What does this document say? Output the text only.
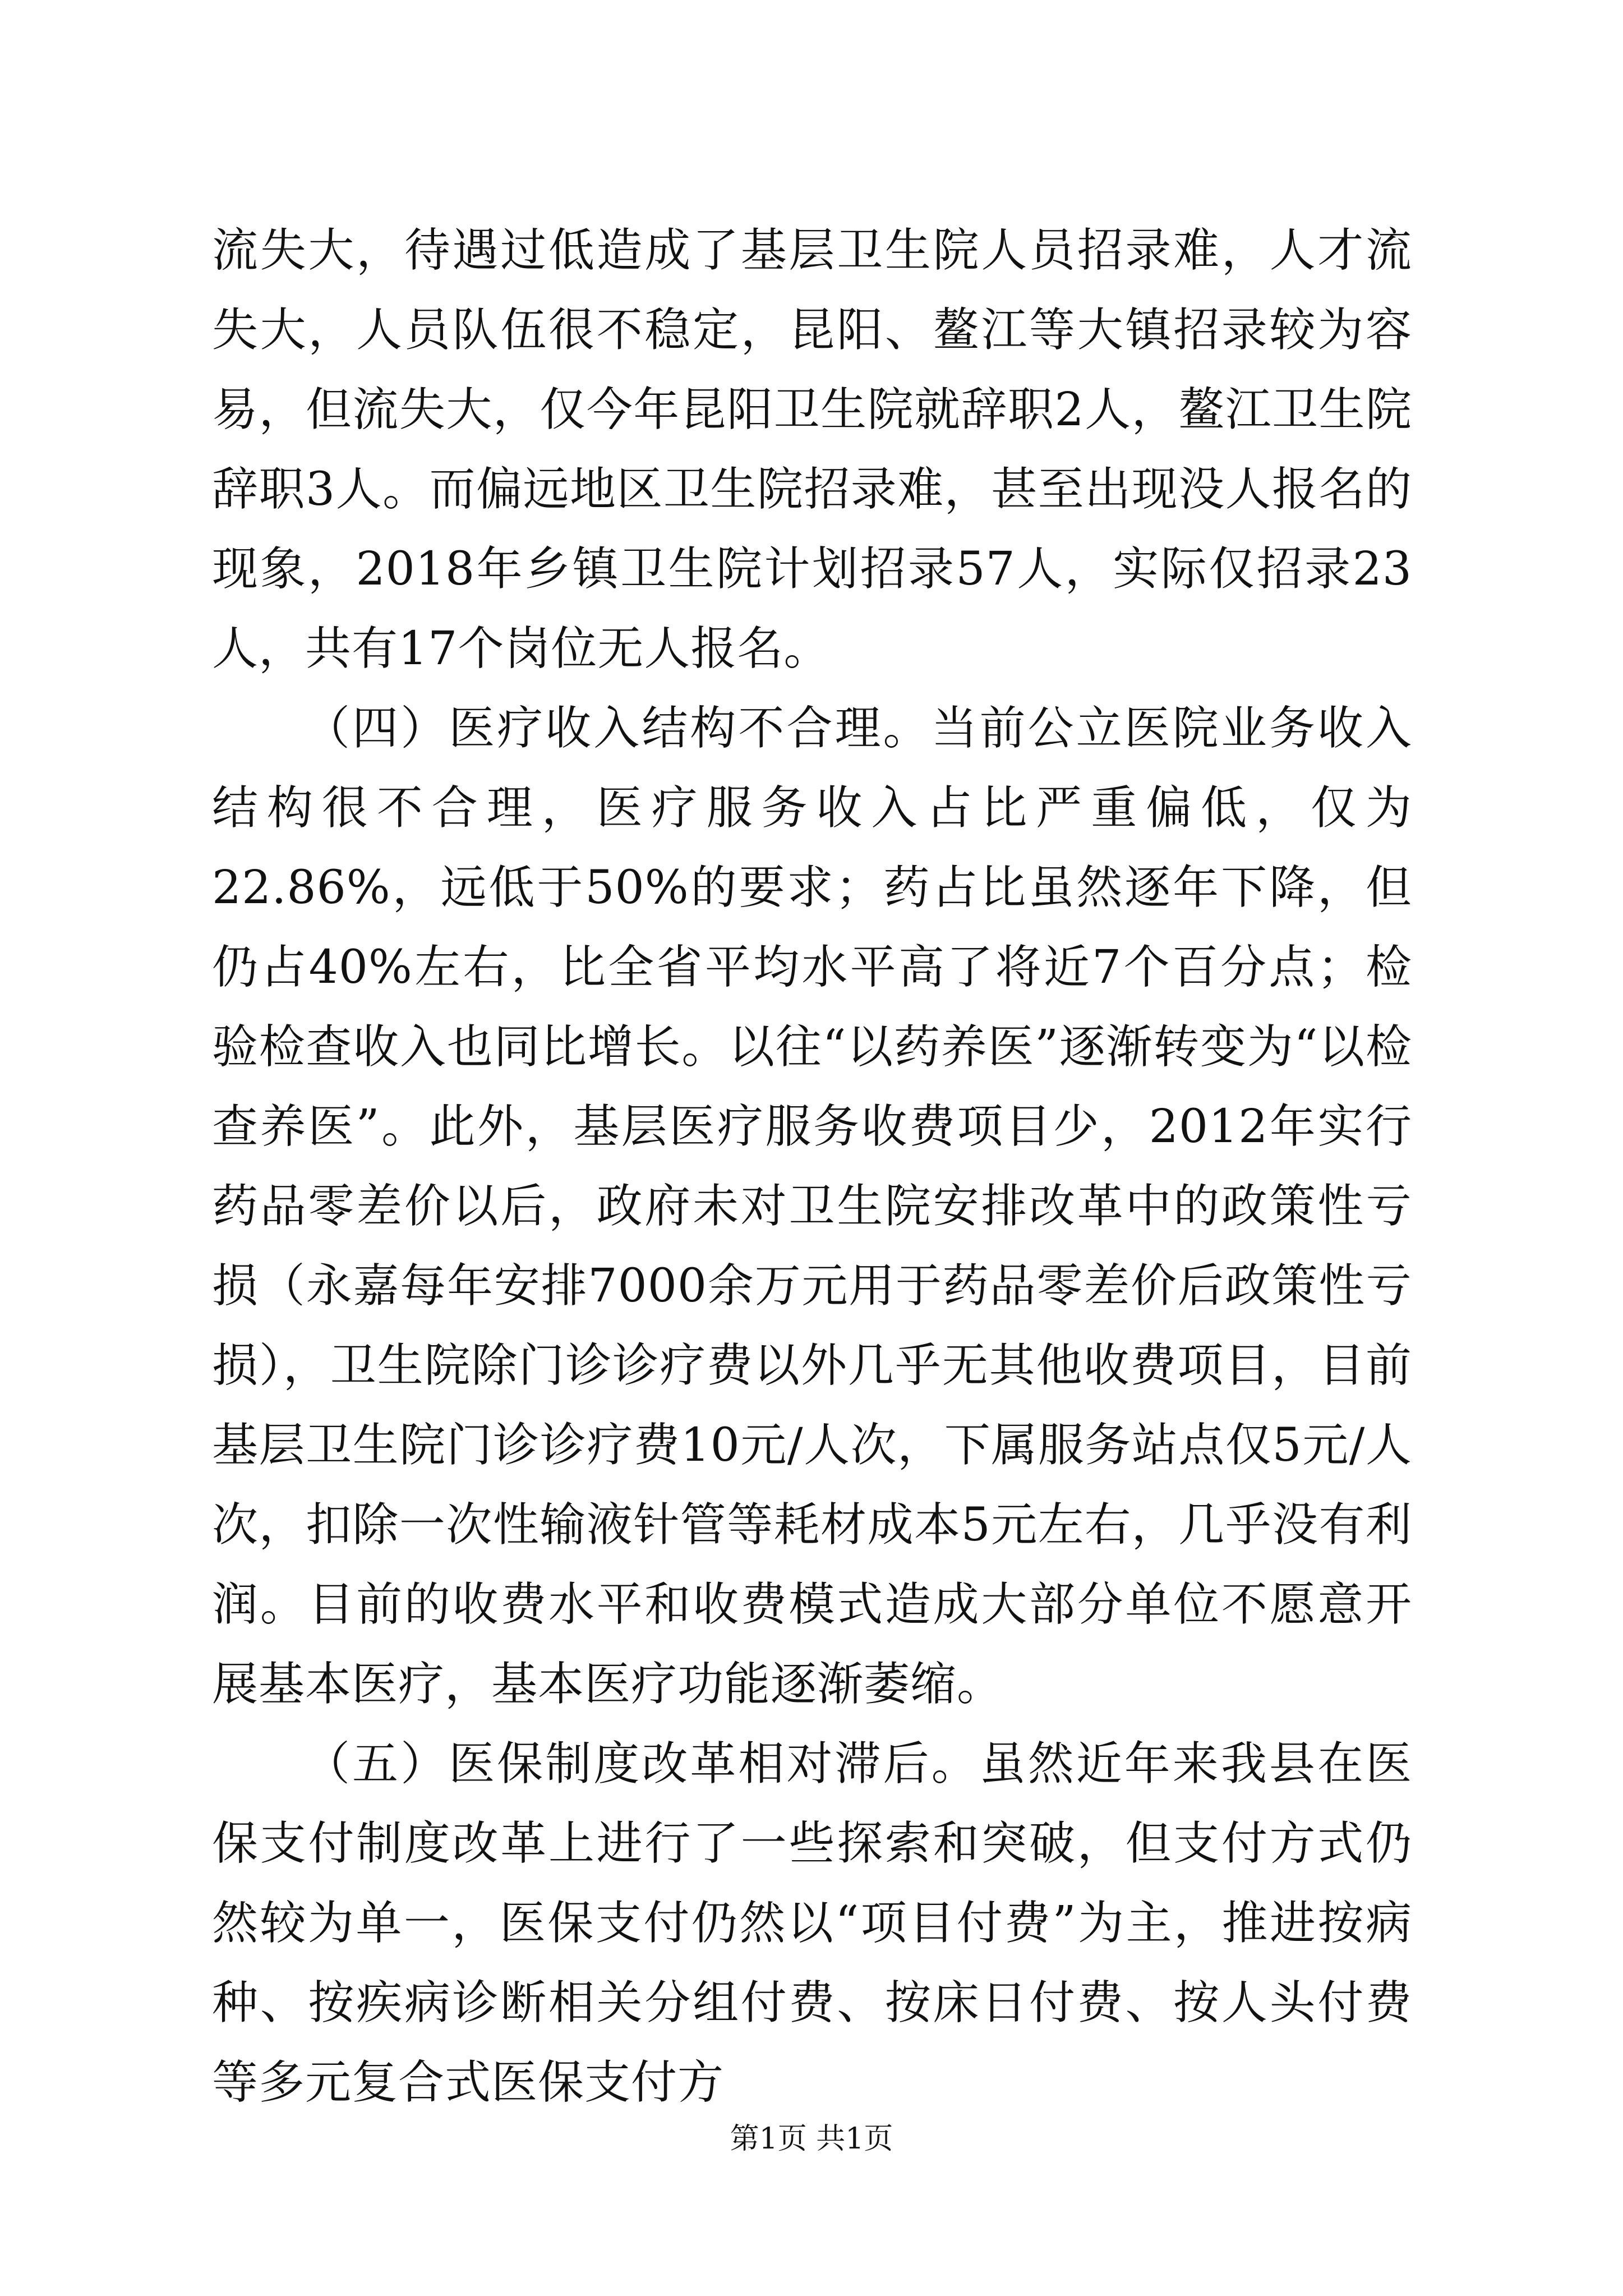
流失大，待遇过低造成了基层卫生院人员招录难，人才流失大，人员队伍很不稳定，昆阳、鳌江等大镇招录较为容易，但流失大，仅今年昆阳卫生院就辞职2人，鳌江卫生院辞职3人。而偏远地区卫生院招录难，甚至出现没人报名的现象，2018年乡镇卫生院计划招录57人，实际仅招录23人，共有17个岗位无人报名。

（四）医疗收入结构不合理。当前公立医院业务收入结构很不合理，医疗服务收入占比严重偏低，仅为22.86%，远低于50%的要求；药占比虽然逐年下降，但仍占40%左右，比全省平均水平高了将近7个百分点；检验检查收入也同比增长。以往“以药养医”逐渐转变为“以检查养医”。此外，基层医疗服务收费项目少，2012年实行药品零差价以后，政府未对卫生院安排改革中的政策性亏损（永嘉每年安排7000余万元用于药品零差价后政策性亏损），卫生院除门诊诊疗费以外几乎无其他收费项目，目前基层卫生院门诊诊疗费10元/人次，下属服务站点仅5元/人次，扣除一次性输液针管等耗材成本5元左右，几乎没有利润。目前的收费水平和收费模式造成大部分单位不愿意开展基本医疗，基本医疗功能逐渐萎缩。

（五）医保制度改革相对滞后。虽然近年来我县在医保支付制度改革上进行了一些探索和突破，但支付方式仍然较为单一，医保支付仍然以“项目付费”为主，推进按病种、按疾病诊断相关分组付费、按床日付费、按人头付费等多元复合式医保支付方

第1页 共1页
